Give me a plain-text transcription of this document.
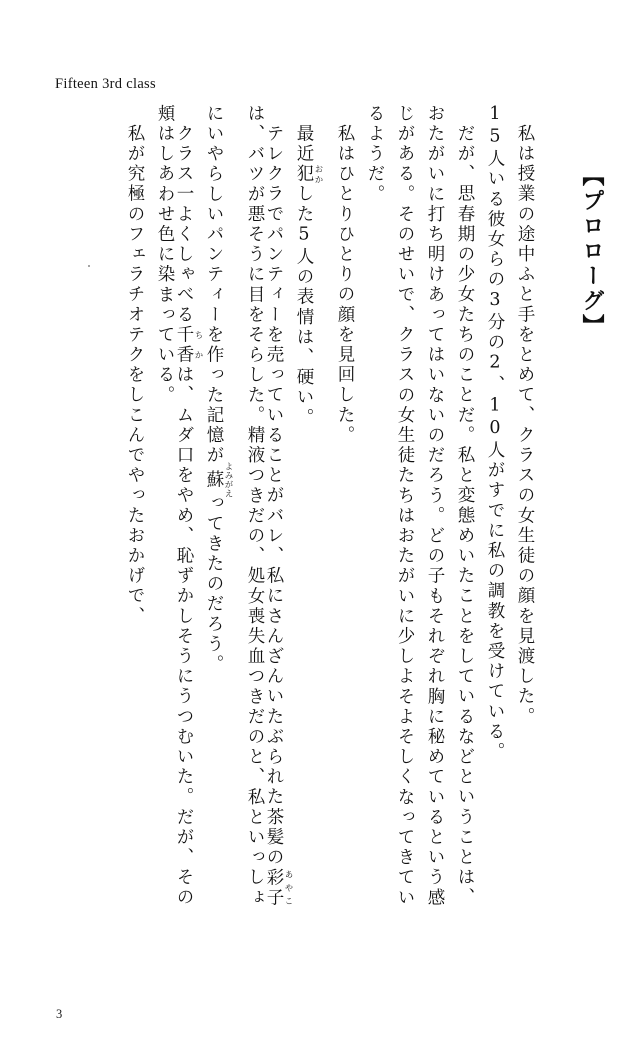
Fifteen 3rd class
【プロローグ】
私は授業の途中ふと手をとめて、クラスの女生徒の顔を見渡した。
15人いる彼女らの3分の2、10人がすでに私の調教を受けている。
だが、思春期の少女たちのことだ。私と変態めいたことをしているなどということは、
おたがいに打ち明けあってはいないのだろう。どの子もそれぞれ胸に秘めているという感
じがある。そのせいで、クラスの女生徒たちはおたがいに少しよそよそしくなってきてい
るようだ。
私はひとりひとりの顔を見回した。
最近犯 おかした5人の表情は、硬い。
テレクラでパンティーを売っていることがバレ、私にさんざんいたぶられた茶髪の彩子 あやこ
は、バツが悪そうに目をそらした。精液つきだの、処女喪失血つきだのと、私といっしょ
にいやらしいパンティーを作った記憶が蘇 よみがえってきたのだろう。
クラス一よくしゃべる千香 ちかは、ムダ口をやめ、恥ずかしそうにうつむいた。だが、その
頬はしあわせ色に染まっている。
私が究極のフェラチオテクをしこんでやったおかげで、
3
